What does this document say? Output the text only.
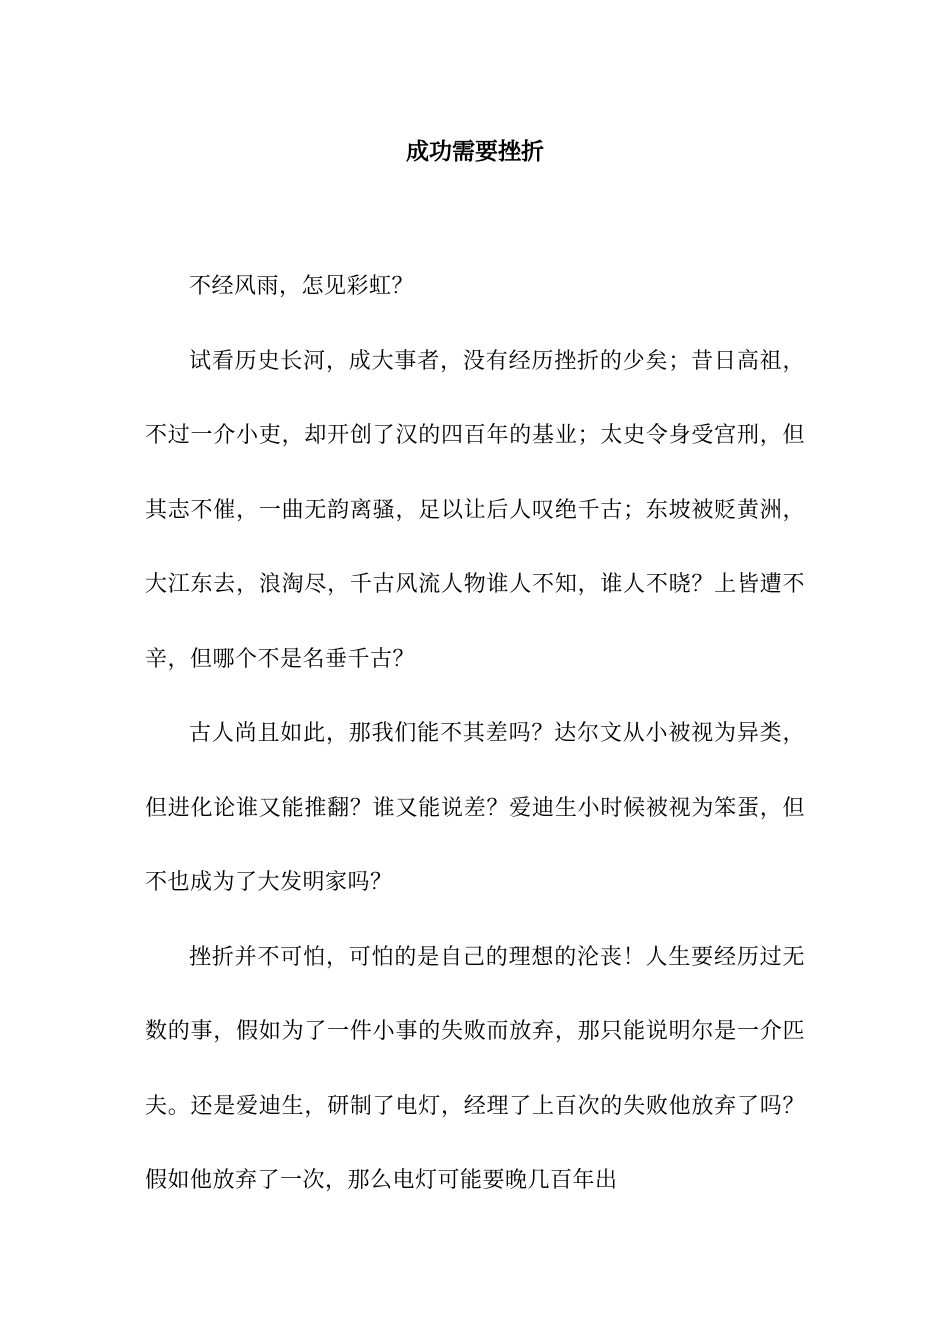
成功需要挫折

不经风雨，怎见彩虹？

试看历史长河，成大事者，没有经历挫折的少矣；昔日高祖，不过一介小吏，却开创了汉的四百年的基业；太史令身受宫刑，但其志不催，一曲无韵离骚，足以让后人叹绝千古；东坡被贬黄洲，大江东去，浪淘尽，千古风流人物谁人不知，谁人不晓？上皆遭不辛，但哪个不是名垂千古？

古人尚且如此，那我们能不其差吗？达尔文从小被视为异类，但进化论谁又能推翻？谁又能说差？爱迪生小时候被视为笨蛋，但不也成为了大发明家吗？

挫折并不可怕，可怕的是自己的理想的沦丧！人生要经历过无数的事，假如为了一件小事的失败而放弃，那只能说明尔是一介匹夫。还是爱迪生，研制了电灯，经理了上百次的失败他放弃了吗？假如他放弃了一次，那么电灯可能要晚几百年出
